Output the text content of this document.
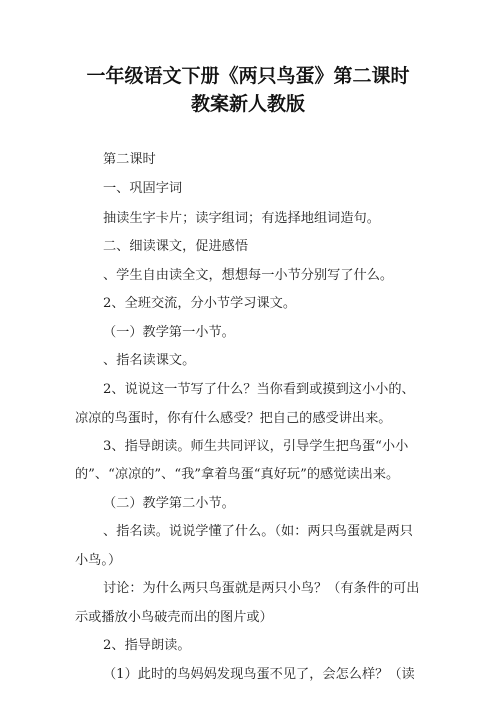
一年级语文下册《两只鸟蛋》第二课时
教案新人教版

第二课时

一、巩固字词

抽读生字卡片；读字组词；有选择地组词造句。

二、细读课文，促进感悟

、学生自由读全文，想想每一小节分别写了什么。

2、全班交流，分小节学习课文。

（一）教学第一小节。

、指名读课文。

2、说说这一节写了什么？当你看到或摸到这小小的、

凉凉的鸟蛋时，你有什么感受？把自己的感受讲出来。

3、指导朗读。师生共同评议，引导学生把鸟蛋“小小

的”、“凉凉的”、“我”拿着鸟蛋“真好玩”的感觉读出来。

（二）教学第二小节。

、指名读。说说学懂了什么。（如：两只鸟蛋就是两只

小鸟。）

讨论：为什么两只鸟蛋就是两只小鸟？（有条件的可出

示或播放小鸟破壳而出的图片或）

2、指导朗读。

（1）此时的鸟妈妈发现鸟蛋不见了，会怎么样？（读
